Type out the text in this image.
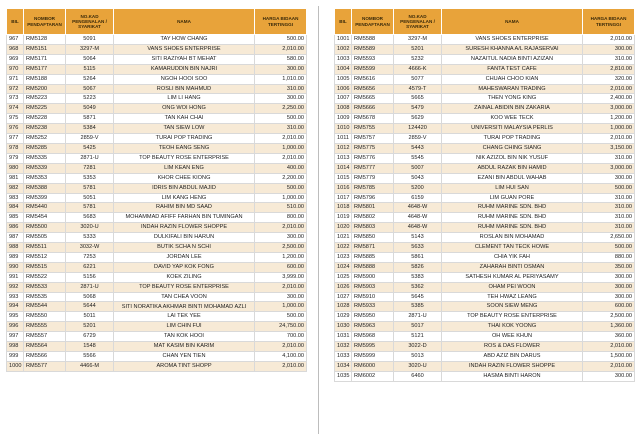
BIL	NOMBOR PENDAFTARAN	NO.KAD PENGENALAN / SYARIKAT	NAMA	HARGA BIDAAN TERTINGGI
967	RM5128	5091	TAY HOW CHANG	500.00
968	RM5151	3297-M	VANS SHOES ENTERPRISE	2,010.00
969	RM5171	5064	SITI RAZIYAH BT MEHAT	580.00
970	RM5177	5115	KAMARUDDIN BIN NAJRI	300.00
971	RM5188	5264	NGOH HOOI SOO	1,010.00
972	RM5200	5067	ROSLI BIN MAHMUD	310.00
973	RM5223	5223	LIM LI HANG	300.00
974	RM5225	5049	ONG WOI HONG	2,250.00
975	RM5228	5871	TAN KAH CHAI	500.00
976	RM5238	5384	TAN SIEW LOW	310.00
977	RM5252	2859-V	TURAI POP TRADING	2,010.00
978	RM5285	5425	TEOH EANG SENG	1,000.00
979	RM5335	2871-U	TOP BEAUTY ROSE ENTERPRISE	2,010.00
980	RM5339	7281	LIM KEAN ENG	400.00
981	RM5353	5353	KHOR CHEE KIONG	2,200.00
982	RM5388	5781	IDRIS BIN ABDUL MAJID	500.00
983	RM5399	5051	LIM KANG HENG	1,000.00
984	RM5440	5781	RAHIM BIN MD SAAD	510.00
985	RM5454	5683	MOHAMMAD AFIFF FARHAN BIN TUMINGAN	800.00
986	RM5500	3020-U	INDAH RAZIN FLOWER SHOPPE	2,010.00
987	RM5505	5333	DULKIFALI BIN HARUN	300.00
988	RM5511	3032-W	BUTIK SCHA N SCHI	2,500.00
989	RM5512	7253	JORDAN LEE	1,200.00
990	RM5515	6221	DAVID YAP KOK FONG	600.00
991	RM5522	5156	KOEK ZILING	3,999.00
992	RM5533	2871-U	TOP BEAUTY ROSE ENTERPRISE	2,010.00
993	RM5535	5068	TAN CHEA VOON	300.00
994	RM5544	5644	SITI NORATIKA AKHMAR BINTI MOHAMAD AZLI	1,000.00
995	RM5550	5011	LAI TEK YEE	500.00
996	RM5555	5201	LIM CHIN FUI	24,750.00
997	RM5557	6729	TAN KOK HOOI	700.00
998	RM5564	1548	MAT KASIM BIN KARIM	2,010.00
999	RM5566	5566	CHAN YEN TIEN	4,100.00
1000	RM5577	4466-M	AROMA TINT SHOPP	2,010.00
BIL	NOMBOR PENDAFTARAN	NO.KAD PENGENALAN / SYARIKAT	NAMA	HARGA BIDAAN TERTINGGI
1001	RM5588	3297-M	VANS SHOES ENTERPRISE	2,010.00
1002	RM5589	5201	SURESH KHANNA A/L RAJASERVAI	300.00
1003	RM5593	5232	NAZAITUL NADIA BINTI AZIZAN	310.00
1004	RM5599	4666-K	FANTA TEST CAFE	2,810.00
1005	RM5616	5077	CHUAH CHOO KIAN	320.00
1006	RM5656	4579-T	MAHESWARAN TRADING	2,010.00
1007	RM5665	5665	THEN YONG KING	2,400.00
1008	RM5666	5479	ZAINAL ABIDIN BIN ZAKARIA	3,000.00
1009	RM5678	5629	KOO WEE TECK	1,200.00
1010	RM5755	124420	UNIVERSITI MALAYSIA PERLIS	1,000.00
1011	RM5757	2859-V	TURAI POP TRADING	2,010.00
1012	RM5775	5443	CHANG CHING SIANG	3,150.00
1013	RM5776	5545	NIK AZIZOL BIN NIK YUSUF	310.00
1014	RM5777	5007	ABDUL RAZAK BIN HAMID	3,000.00
1015	RM5779	5043	EZANI BIN ABDUL WAHAB	300.00
1016	RM5785	5200	LIM HUI SAN	500.00
1017	RM5796	6159	LIM GUAN PORE	310.00
1018	RM5801	4648-W	RUHM MARINE SDN. BHD	310.00
1019	RM5802	4648-W	RUHM MARINE SDN. BHD	310.00
1020	RM5803	4648-W	RUHM MARINE SDN. BHD	310.00
1021	RM5850	5143	ROSLAN BIN MOHAMAD	2,650.00
1022	RM5871	5633	CLEMENT TAN TECK HOWE	500.00
1023	RM5885	5861	CHIA YIK FAH	880.00
1024	RM5888	5826	ZAHARAH BINTI OSMAN	350.00
1025	RM5900	5383	SATHESH KUMAR AL PERIYASAMY	300.00
1026	RM5903	5362	OHAM PEI WOON	300.00
1027	RM5910	5645	TEH HWAZ LEANG	300.00
1028	RM5933	5385	SOON SIEW MENG	600.00
1029	RM5950	2871-U	TOP BEAUTY ROSE ENTERPRISE	2,500.00
1030	RM5963	5017	THAI KOK YOONG	1,360.00
1031	RM5968	5121	OH WEE KHUN	360.00
1032	RM5995	3022-D	ROS & DAS FLOWER	2,010.00
1033	RM5999	5013	ABD AZIZ BIN DARUS	1,500.00
1034	RM6000	3020-U	INDAH RAZIN FLOWER SHOPPE	2,010.00
1035	RM6002	6460	HASMA BINTI HARON	300.00
